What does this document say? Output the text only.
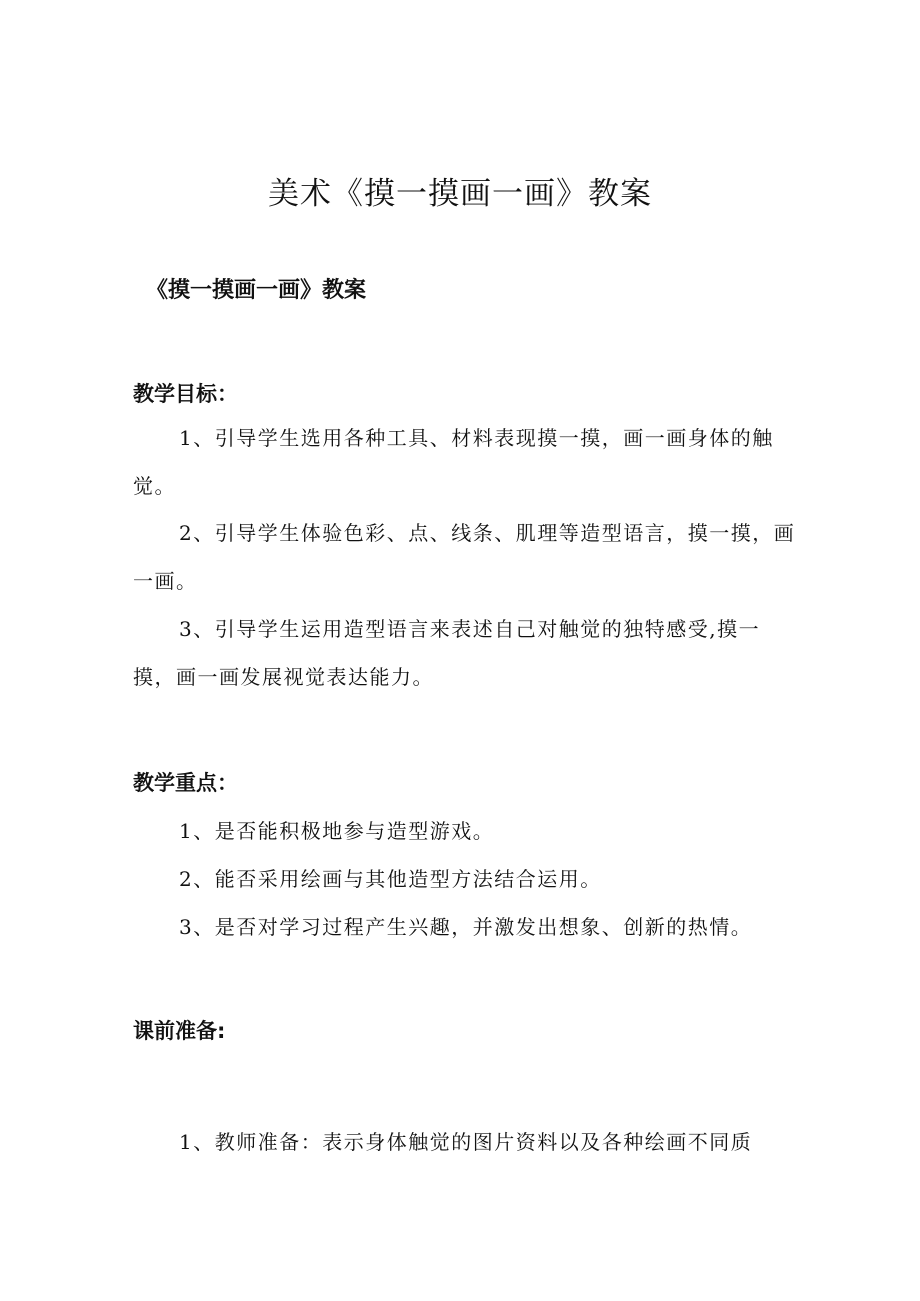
美术《摸一摸画一画》教案
《摸一摸画一画》教案
教学目标：

1、引导学生选用各种工具、材料表现摸一摸，画一画身体的触觉。

2、引导学生体验色彩、点、线条、肌理等造型语言，摸一摸，画一画。

3、引导学生运用造型语言来表述自己对触觉的独特感受,摸一摸，画一画发展视觉表达能力。

教学重点：

1、是否能积极地参与造型游戏。

2、能否采用绘画与其他造型方法结合运用。

3、是否对学习过程产生兴趣，并激发出想象、创新的热情。

课前准备:

1、教师准备：表示身体触觉的图片资料以及各种绘画不同质
